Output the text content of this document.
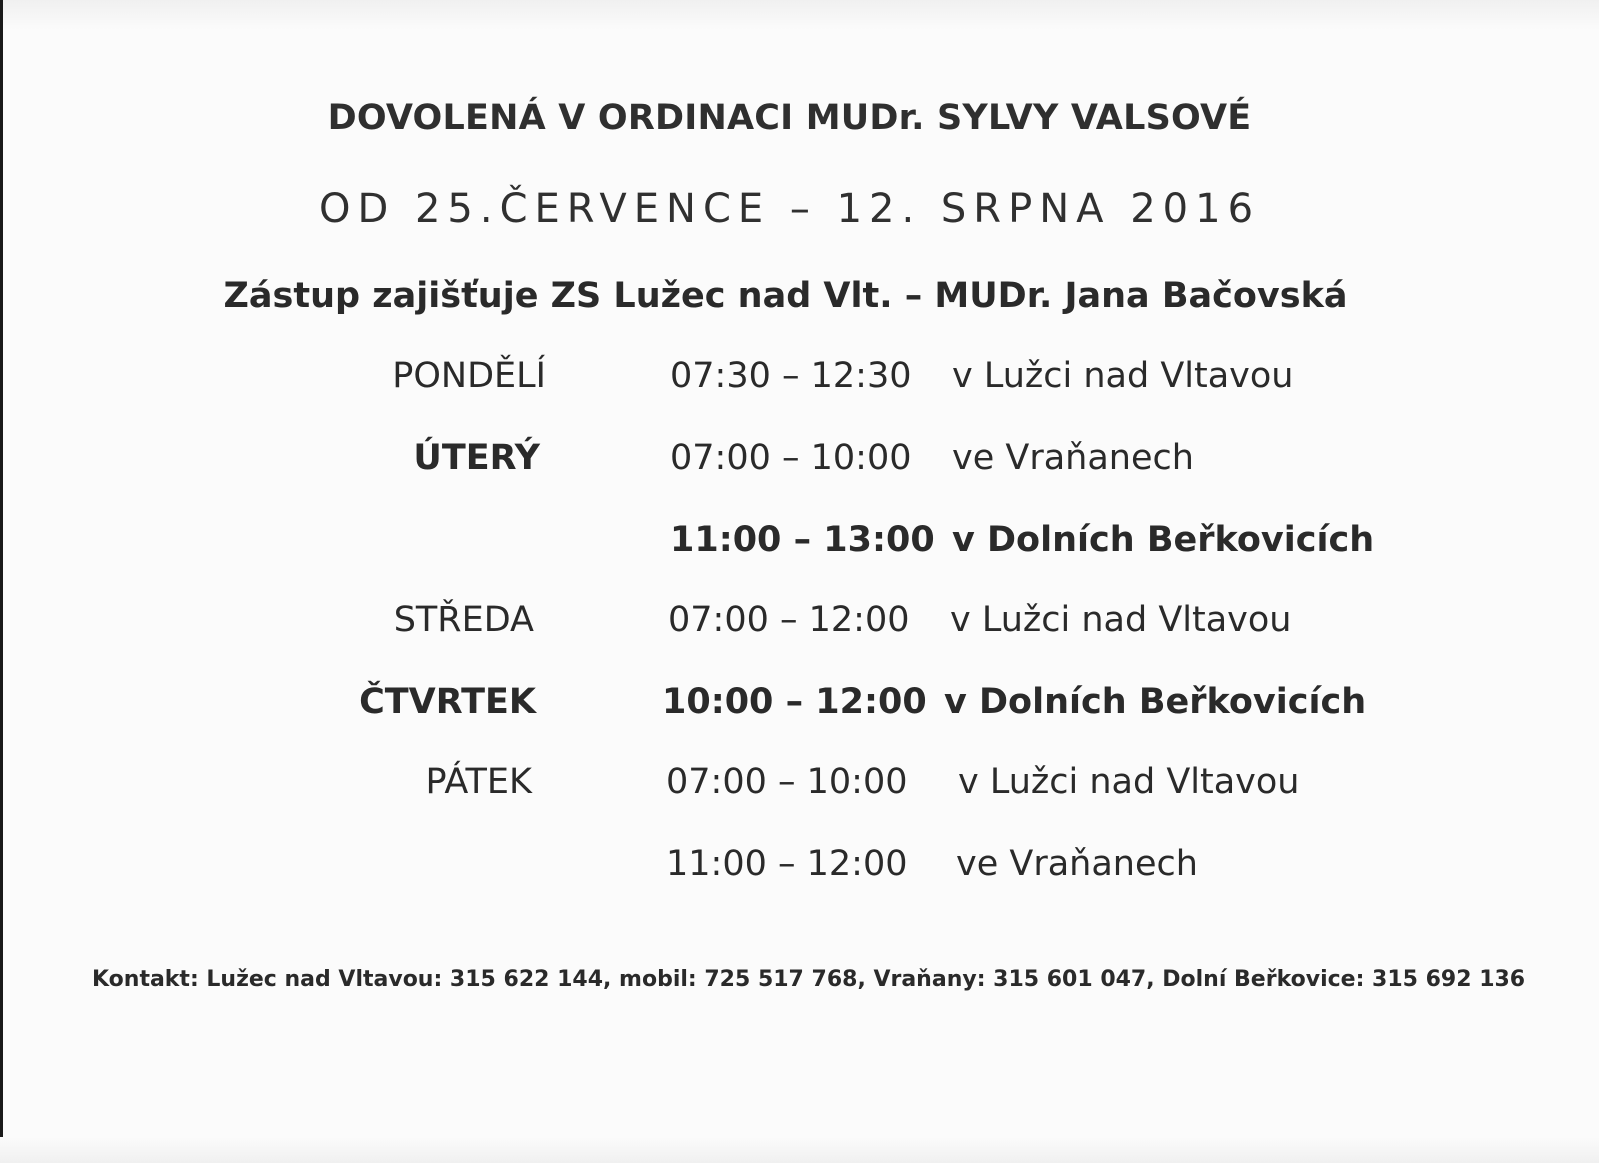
DOVOLENÁ V ORDINACI MUDr. SYLVY VALSOVÉ
OD 25.ČERVENCE – 12. SRPNA 2016
Zástup zajišťuje ZS Lužec nad Vlt. – MUDr. Jana Bačovská
PONDĚLÍ	07:30 – 12:30 v Lužci nad Vltavou
ÚTERÝ	07:00 – 10:00 ve Vraňanech
11:00 – 13:00 v Dolních Beřkovicích
STŘEDA	07:00 – 12:00 v Lužci nad Vltavou
ČTVRTEK	10:00 – 12:00 v Dolních Beřkovicích
PÁTEK	07:00 – 10:00 v Lužci nad Vltavou
11:00 – 12:00 ve Vraňanech
Kontakt: Lužec nad Vltavou: 315 622 144, mobil: 725 517 768, Vraňany: 315 601 047, Dolní Beřkovice: 315 692 136
